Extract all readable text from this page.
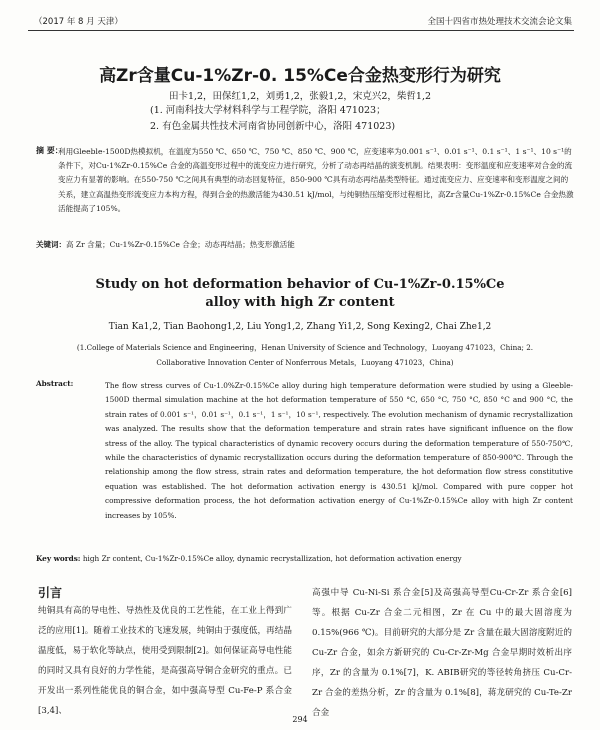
（2017 年 8 月 天津）	全国十四省市热处理技术交流会论文集
高Zr含量Cu-1%Zr-0. 15%Ce合金热变形行为研究
田卡1,2，田保红1,2，刘勇1,2，张毅1,2，宋克兴2，柴哲1,2
(1. 河南科技大学材料科学与工程学院，洛阳 471023；
2. 有色金属共性技术河南省协同创新中心，洛阳 471023)
摘 要：
利用Gleeble-1500D热模拟机，在温度为550 ℃、650 ℃、750 ℃、850 ℃、900 ℃，应变速率为0.001 s⁻¹、0.01 s⁻¹、0.1 s⁻¹、1 s⁻¹、10 s⁻¹的条件下，对Cu-1%Zr-0.15%Ce 合金的高温变形过程中的流变应力进行研究，分析了动态再结晶的演变机制。结果表明：变形温度和应变速率对合金的流变应力有显著的影响。在550-750 ℃之间具有典型的动态回复特征，850-900 ℃具有动态再结晶类型特征。通过流变应力、应变速率和变形温度之间的关系，建立高温热变形流变应力本构方程，得到合金的热激活能为430.51 kJ/mol，与纯铜热压缩变形过程相比，高Zr含量Cu-1%Zr-0.15%Ce 合金热激活能提高了105%。
关键词：高 Zr 含量；Cu-1%Zr-0.15%Ce 合金；动态再结晶；热变形激活能
Study on hot deformation behavior of Cu-1%Zr-0.15%Ce
alloy with high Zr content
Tian Ka1,2, Tian Baohong1,2, Liu Yong1,2, Zhang Yi1,2, Song Kexing2, Chai Zhe1,2
(1.College of Materials Science and Engineering，Henan University of Science and Technology，Luoyang 471023，China; 2.
Collaborative Innovation Center of Nonferrous Metals，Luoyang 471023，China)
Abstract:	The flow stress curves of Cu-1.0%Zr-0.15%Ce alloy during high temperature deformation were studied by using a Gleeble-1500D thermal simulation machine at the hot deformation temperature of 550 °C, 650 °C, 750 °C, 850 °C and 900 °C, the strain rates of 0.001 s⁻¹，0.01 s⁻¹，0.1 s⁻¹，1 s⁻¹，10 s⁻¹, respectively. The evolution mechanism of dynamic recrystallization was analyzed. The results show that the deformation temperature and strain rates have significant influence on the flow stress of the alloy. The typical characteristics of dynamic recovery occurs during the deformation temperature of 550-750℃, while the characteristics of dynamic recrystallization occurs during the deformation temperature of 850-900℃. Through the relationship among the flow stress, strain rates and deformation temperature, the hot deformation flow stress constitutive equation was established. The hot deformation activation energy is 430.51 kJ/mol. Compared with pure copper hot compressive deformation process, the hot deformation activation energy of Cu-1%Zr-0.15%Ce alloy with high Zr content increases by 105%.
Key words: high Zr content, Cu-1%Zr-0.15%Ce alloy, dynamic recrystallization, hot deformation activation energy
引言
纯铜具有高的导电性、导热性及优良的工艺性能，在工业上得到广泛的应用[1]。随着工业技术的飞速发展，纯铜由于强度低，再结晶温度低，易于软化等缺点，使用受到限制[2]。如何保证高导电性能的同时又具有良好的力学性能，是高强高导铜合金研究的重点。已开发出一系列性能优良的铜合金，如中强高导型 Cu-Fe-P 系合金[3,4]、
高强中导 Cu-Ni-Si 系合金[5]及高强高导型Cu-Cr-Zr 系合金[6]等。根据 Cu-Zr 合金二元相图，Zr 在 Cu 中的最大固溶度为 0.15%(966 ℃)。目前研究的大部分是 Zr 含量在最大固溶度附近的Cu-Zr 合金，如余方新研究的 Cu-Cr-Zr-Mg 合金早期时效析出序序，Zr 的含量为 0.1%[7]，K. ABIB研究的等径转角挤压 Cu-Cr-Zr 合金的差热分析，Zr 的含量为 0.1%[8]，蒋龙研究的 Cu-Te-Zr 合金
294
